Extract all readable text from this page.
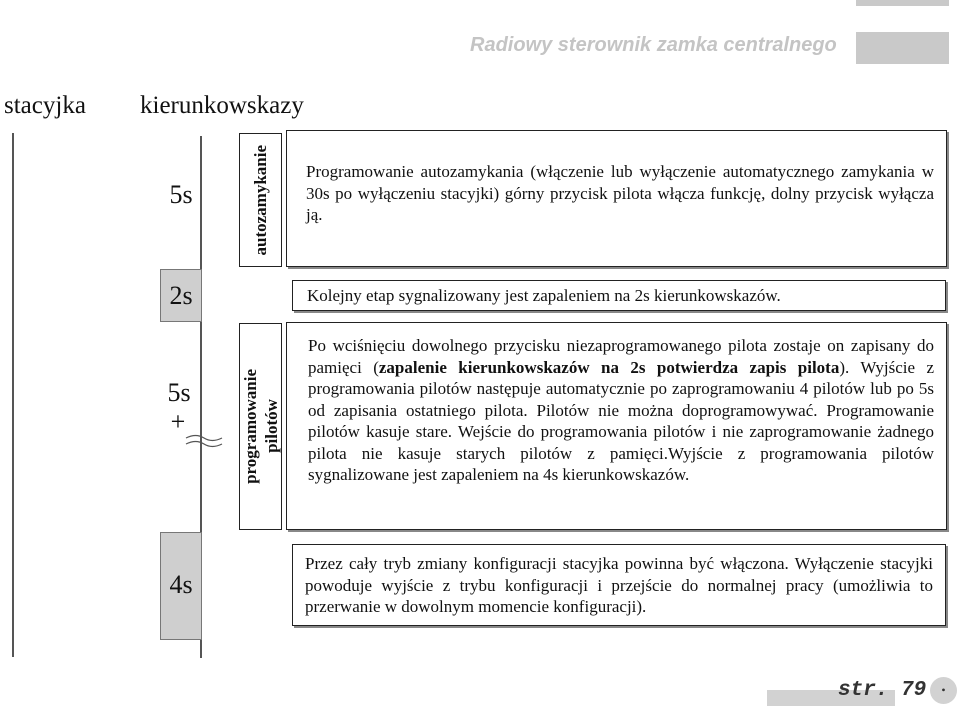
Radiowy sterownik zamka centralnego
stacyjka kierunkowskazy
5s
2s
5s
+
4s
autozamykanie
programowanie pilotów
Programowanie autozamykania (włączenie lub wyłączenie automatycznego zamykania w 30s po wyłączeniu stacyjki) górny przycisk pilota włącza funkcję, dolny przycisk wyłącza ją.
Kolejny etap sygnalizowany jest zapaleniem na 2s kierunkowskazów.
Po wciśnięciu dowolnego przycisku niezaprogramowanego pilota zostaje on zapisany do pamięci (zapalenie kierunkowskazów na 2s potwierdza zapis pilota). Wyjście z programowania pilotów następuje automatycznie po zaprogramowaniu 4 pilotów lub po 5s od zapisania ostatniego pilota. Pilotów nie można doprogramowywać. Programowanie pilotów kasuje stare. Wejście do programowania pilotów i nie zaprogramowanie żadnego pilota nie kasuje starych pilotów z pamięci.Wyjście z programowania pilotów sygnalizowane jest zapaleniem na 4s kierunkowskazów.
Przez cały tryb zmiany konfiguracji stacyjka powinna być włączona. Wyłączenie stacyjki powoduje wyjście z trybu konfiguracji i przejście do normalnej pracy (umożliwia to przerwanie w dowolnym momencie konfiguracji).
str. 79 •
